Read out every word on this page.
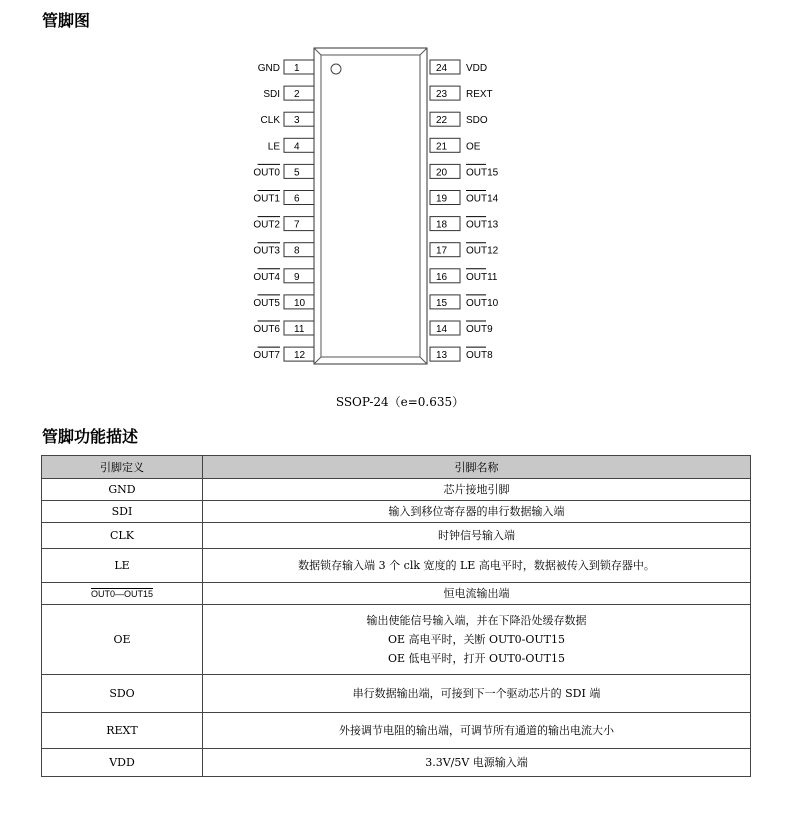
管脚图
1
GND
2
SDI
3
CLK
4
LE
5
OUT0
6
OUT1
7
OUT2
8
OUT3
9
OUT4
10
OUT5
11
OUT6
12
OUT7	13 OUT8
14 OUT9
15 OUT10
16 OUT11
17 OUT12
18 OUT13
19 OUT14
20 OUT15
21 OE
22 SDO
23 REXT
24 VDD
SSOP-24（e=0.635）
管脚功能描述
引脚定义	引脚名称
GND	芯片接地引脚

SDI	输入到移位寄存器的串行数据输入端

CLK	时钟信号输入端

LE	数据锁存输入端 3 个 clk 宽度的 LE 高电平时，数据被传入到锁存器中。

OUT0—OUT15	恒电流输出端

OE	输出使能信号输入端，并在下降沿处缓存数据
OE 高电平时，关断 OUT0-OUT15
OE 低电平时，打开 OUT0-OUT15

SDO	串行数据输出端，可接到下一个驱动芯片的 SDI 端

REXT	外接调节电阻的输出端，可调节所有通道的输出电流大小

VDD	3.3V/5V 电源输入端
